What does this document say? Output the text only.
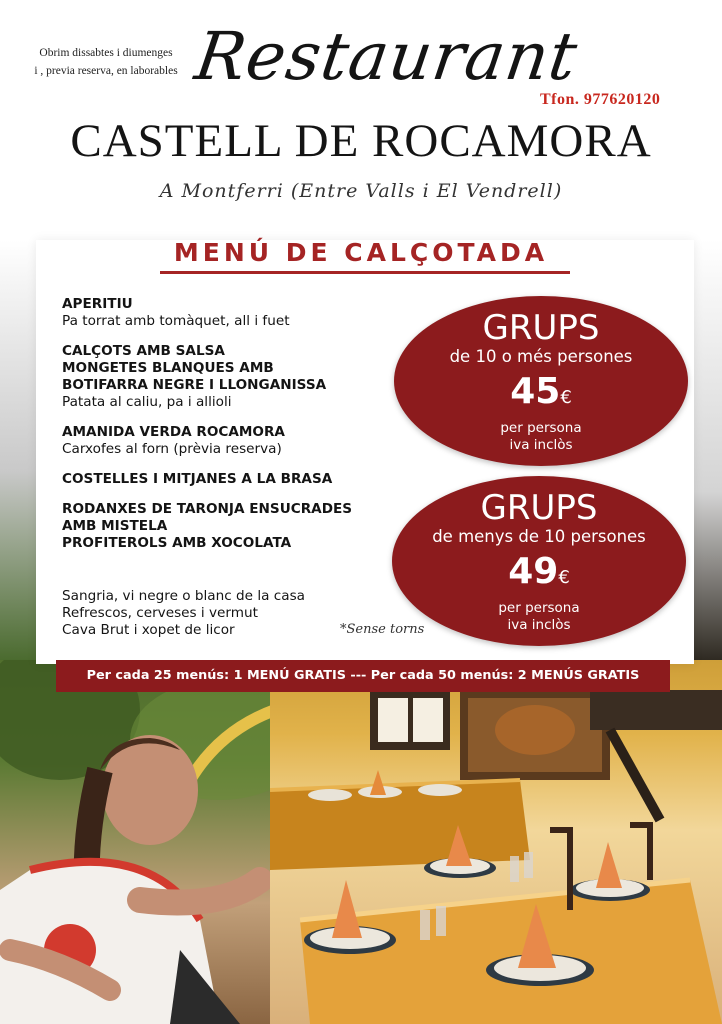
Obrim dissabtes i diumenges
i , previa reserva, en laborables Restaurant
Tfon. 977620120
CASTELL DE ROCAMORA
A Montferri (Entre Valls i El Vendrell)
MENÚ DE CALÇOTADA
APERITIU
Pa torrat amb tomàquet, all i fuet
CALÇOTS AMB SALSA
MONGETES BLANQUES AMB
BOTIFARRA NEGRE I LLONGANISSA
Patata al caliu, pa i allioli
AMANIDA VERDA ROCAMORA
Carxofes al forn (prèvia reserva)
COSTELLES I MITJANES A LA BRASA
RODANXES DE TARONJA ENSUCRADES
AMB MISTELA
PROFITEROLS AMB XOCOLATA
Sangria, vi negre o blanc de la casa
Refrescos, cerveses i vermut
Cava Brut i xopet de licor	*Sense torns
GRUPS
de 10 o més persones
45€
per persona
iva inclòs
GRUPS
de menys de 10 persones
49€
per persona
iva inclòs
Per cada 25 menús: 1 MENÚ GRATIS --- Per cada 50 menús: 2 MENÚS GRATIS
